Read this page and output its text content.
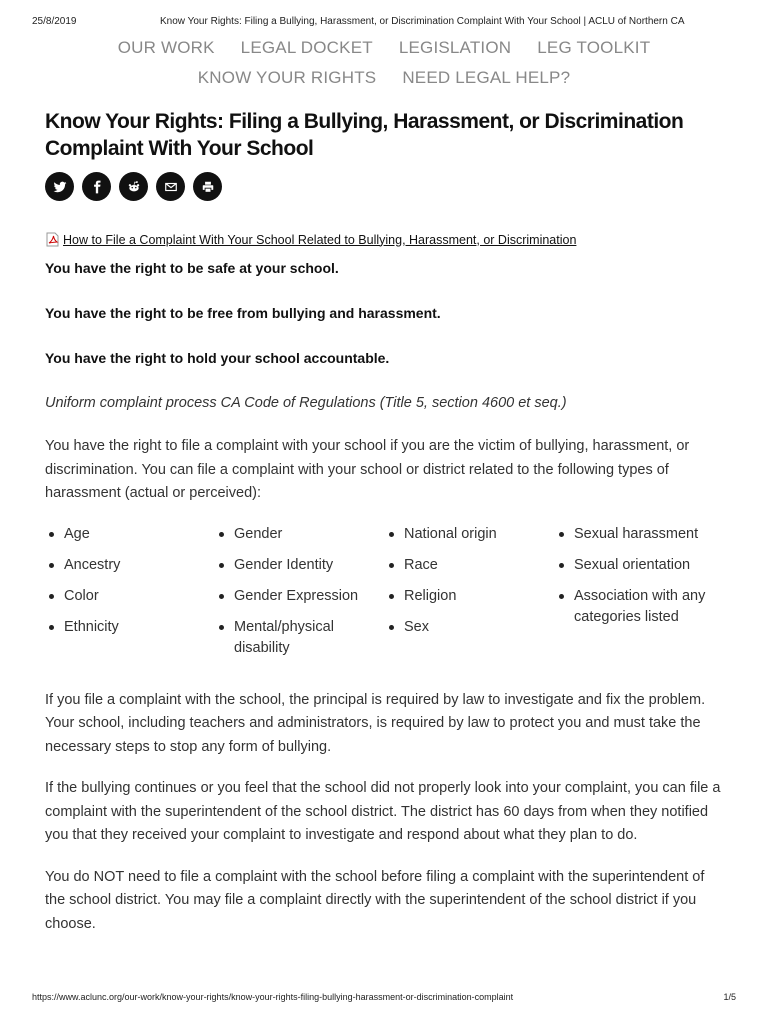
25/8/2019	Know Your Rights: Filing a Bullying, Harassment, or Discrimination Complaint With Your School | ACLU of Northern CA
OUR WORK LEGAL DOCKET LEGISLATION LEG TOOLKIT
KNOW YOUR RIGHTS NEED LEGAL HELP?
Know Your Rights: Filing a Bullying, Harassment, or Discrimination Complaint With Your School
How to File a Complaint With Your School Related to Bullying, Harassment, or Discrimination

You have the right to be safe at your school.

You have the right to be free from bullying and harassment.

You have the right to hold your school accountable.

Uniform complaint process CA Code of Regulations (Title 5, section 4600 et seq.)

You have the right to file a complaint with your school if you are the victim of bullying, harassment, or discrimination. You can file a complaint with your school or district related to the following types of harassment (actual or perceived):

Age
Ancestry
Color
Ethnicity
Gender
Gender Identity
Gender Expression
Mental/physical disability
National origin
Race
Religion
Sex
Sexual harassment
Sexual orientation
Association with any categories listed

If you file a complaint with the school, the principal is required by law to investigate and fix the problem. Your school, including teachers and administrators, is required by law to protect you and must take the necessary steps to stop any form of bullying.

If the bullying continues or you feel that the school did not properly look into your complaint, you can file a complaint with the superintendent of the school district. The district has 60 days from when they notified you that they received your complaint to investigate and respond about what they plan to do.

You do NOT need to file a complaint with the school before filing a complaint with the superintendent of the school district. You may file a complaint directly with the superintendent of the school district if you choose.

https://www.aclunc.org/our-work/know-your-rights/know-your-rights-filing-bullying-harassment-or-discrimination-complaint	1/5
